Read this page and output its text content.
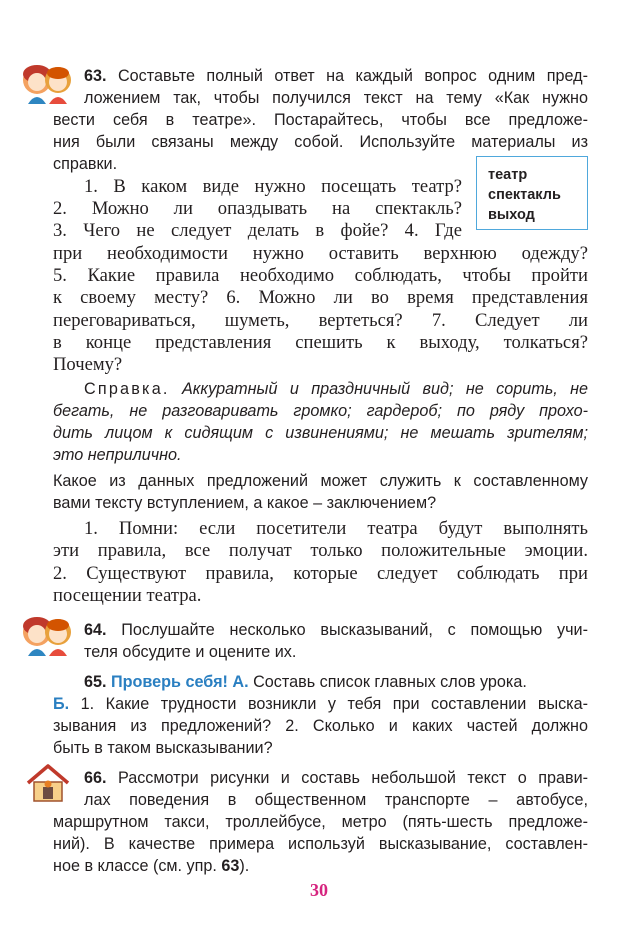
63. Составьте полный ответ на каждый вопрос одним пред-
ложением так, чтобы получился текст на тему «Как нужно
вести себя в театре». Постарайтесь, чтобы все предложе-
ния были связаны между собой. Используйте материалы из
справки.
1. В каком виде нужно посещать театр?
2. Можно ли опаздывать на спектакль?
3. Чего не следует делать в фойе? 4. Где
при необходимости нужно оставить верхнюю одежду?
5. Какие правила необходимо соблюдать, чтобы пройти
к своему месту? 6. Можно ли во время представления
переговариваться, шуметь, вертеться? 7. Следует ли
в конце представления спешить к выходу, толкаться?
Почему?
театр
спектакль
выход
Справка. Аккуратный и праздничный вид; не сорить, не
бегать, не разговаривать громко; гардероб; по ряду прохо-
дить лицом к сидящим с извинениями; не мешать зрителям;
это неприлично.
Какое из данных предложений может служить к составленному
вами тексту вступлением, а какое – заключением?
1. Помни: если посетители театра будут выполнять
эти правила, все получат только положительные эмоции.
2. Существуют правила, которые следует соблюдать при
посещении театра.
64. Послушайте несколько высказываний, с помощью учи-
теля обсудите и оцените их.
65. Проверь себя! А. Составь список главных слов урока.
Б. 1. Какие трудности возникли у тебя при составлении выска-
зывания из предложений? 2. Сколько и каких частей должно
быть в таком высказывании?
66. Рассмотри рисунки и составь небольшой текст о прави-
лах поведения в общественном транспорте – автобусе,
маршрутном такси, троллейбусе, метро (пять-шесть предложе-
ний). В качестве примера используй высказывание, составлен-
ное в классе (см. упр. 63).
30
